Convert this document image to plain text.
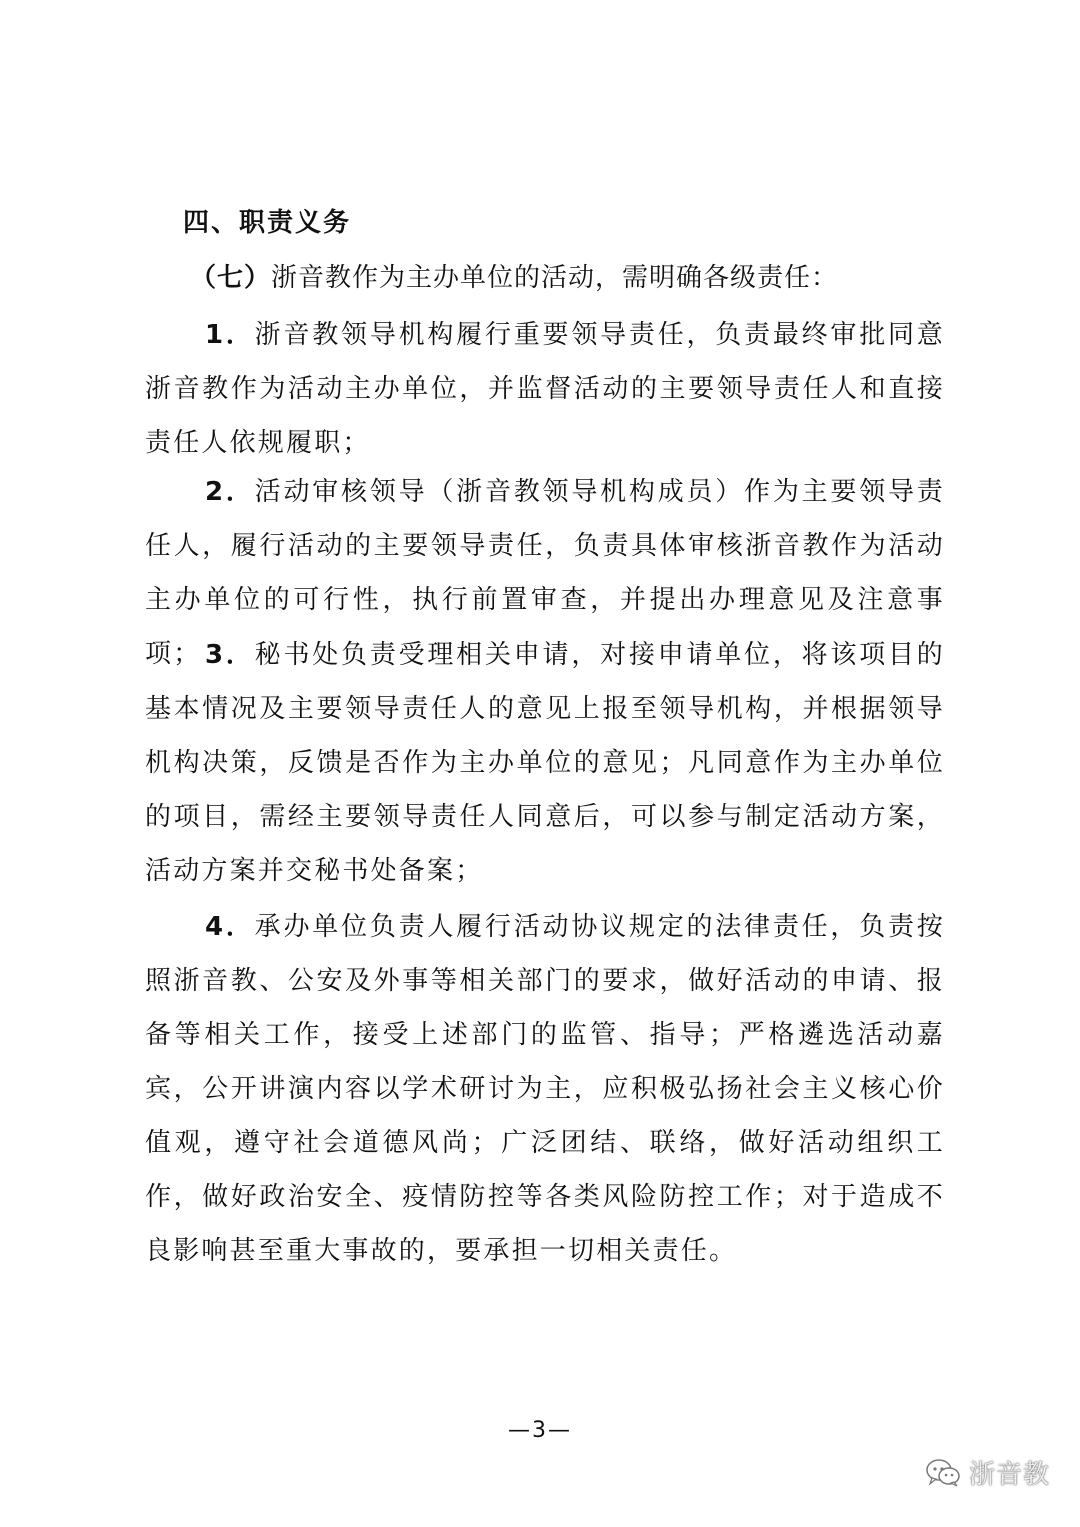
四、职责义务
（七）浙音教作为主办单位的活动，需明确各级责任：
1．浙音教领导机构履行重要领导责任，负责最终审批同意浙音教作为活动主办单位，并监督活动的主要领导责任人和直接责任人依规履职；
2．活动审核领导（浙音教领导机构成员）作为主要领导责任人，履行活动的主要领导责任，负责具体审核浙音教作为活动主办单位的可行性，执行前置审查，并提出办理意见及注意事项； 3．秘书处负责受理相关申请，对接申请单位，将该项目的基本情况及主要领导责任人的意见上报至领导机构，并根据领导机构决策，反馈是否作为主办单位的意见；凡同意作为主办单位的项目，需经主要领导责任人同意后，可以参与制定活动方案，活动方案并交秘书处备案；
4．承办单位负责人履行活动协议规定的法律责任，负责按照浙音教、公安及外事等相关部门的要求，做好活动的申请、报备等相关工作，接受上述部门的监管、指导；严格遴选活动嘉宾，公开讲演内容以学术研讨为主，应积极弘扬社会主义核心价值观，遵守社会道德风尚；广泛团结、联络，做好活动组织工作，做好政治安全、疫情防控等各类风险防控工作；对于造成不良影响甚至重大事故的，要承担一切相关责任。
—3—
浙音教
